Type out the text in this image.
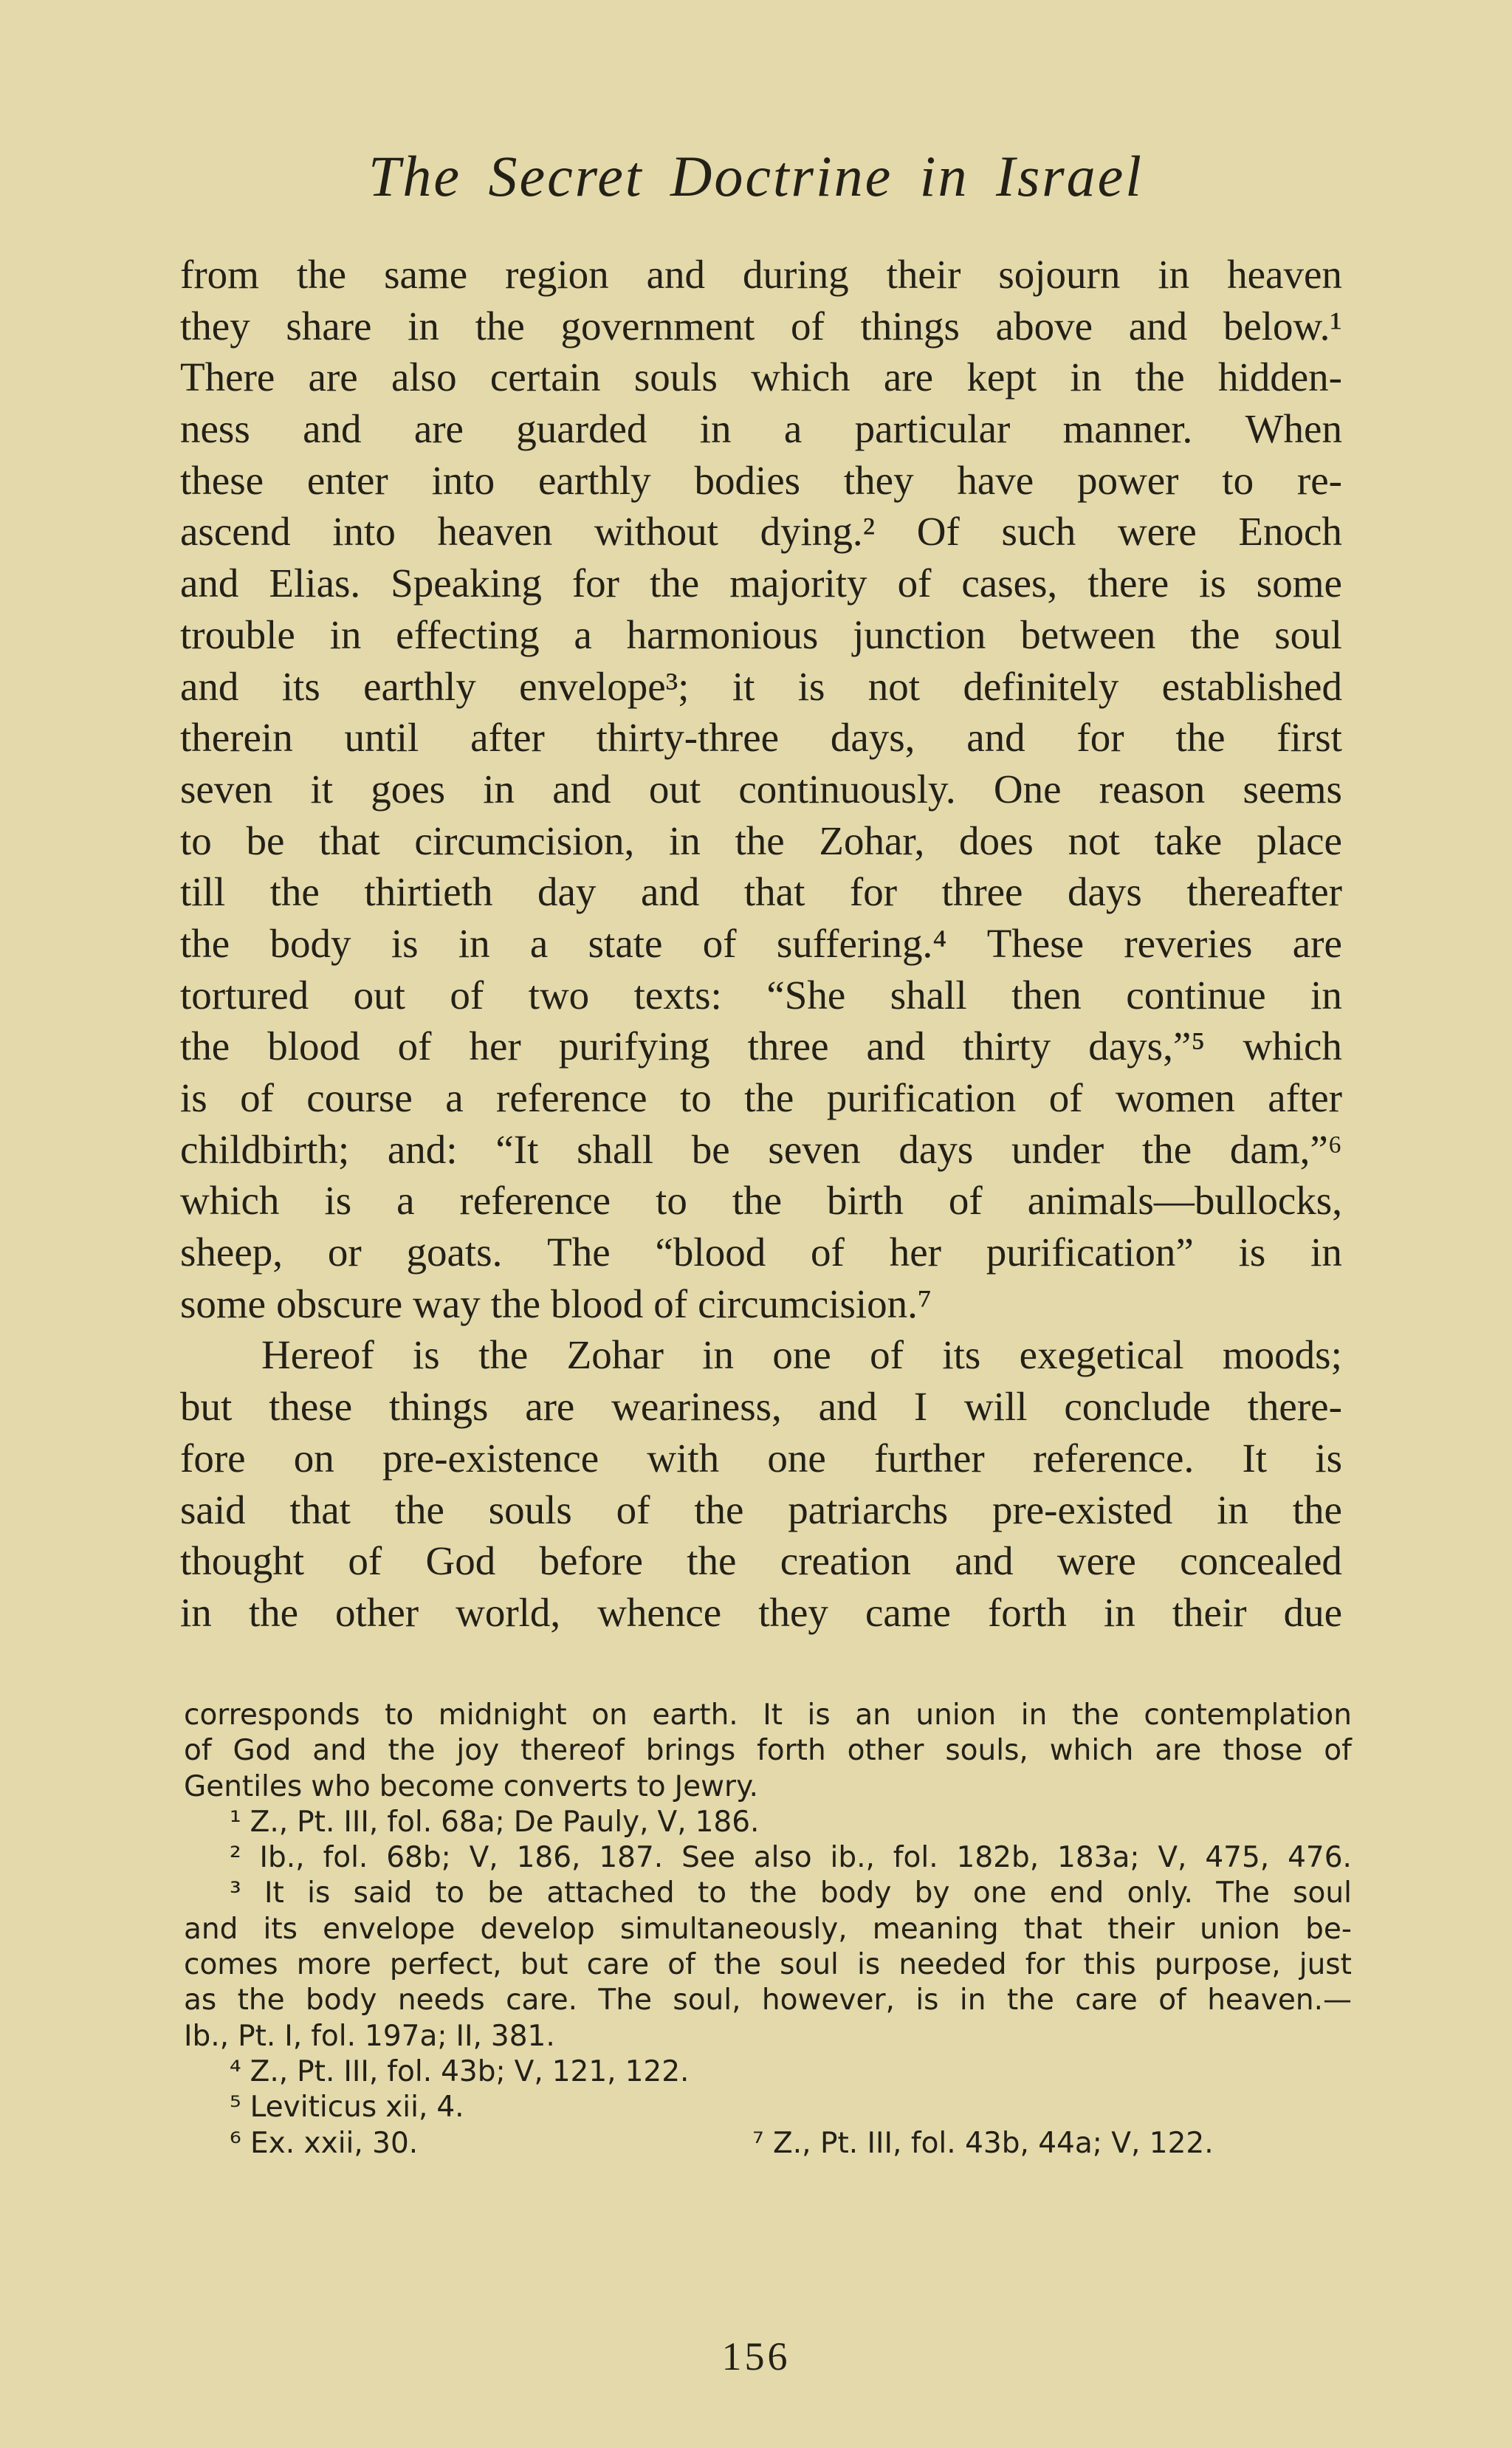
The Secret Doctrine in Israel
from the same region and during their sojourn in heaven
they share in the government of things above and below.¹
There are also certain souls which are kept in the hidden-
ness and are guarded in a particular manner. When
these enter into earthly bodies they have power to re-
ascend into heaven without dying.² Of such were Enoch
and Elias. Speaking for the majority of cases, there is some
trouble in effecting a harmonious junction between the soul
and its earthly envelope³; it is not definitely established
therein until after thirty-three days, and for the first
seven it goes in and out continuously. One reason seems
to be that circumcision, in the Zohar, does not take place
till the thirtieth day and that for three days thereafter
the body is in a state of suffering.⁴ These reveries are
tortured out of two texts: “She shall then continue in
the blood of her purifying three and thirty days,”⁵ which
is of course a reference to the purification of women after
childbirth; and: “It shall be seven days under the dam,”⁶
which is a reference to the birth of animals—bullocks,
sheep, or goats. The “blood of her purification” is in
some obscure way the blood of circumcision.⁷
Hereof is the Zohar in one of its exegetical moods;
but these things are weariness, and I will conclude there-
fore on pre-existence with one further reference. It is
said that the souls of the patriarchs pre-existed in the
thought of God before the creation and were concealed
in the other world, whence they came forth in their due
corresponds to midnight on earth. It is an union in the contemplation
of God and the joy thereof brings forth other souls, which are those of
Gentiles who become converts to Jewry.
¹ Z., Pt. III, fol. 68a; De Pauly, V, 186.
² Ib., fol. 68b; V, 186, 187. See also ib., fol. 182b, 183a; V, 475, 476.
³ It is said to be attached to the body by one end only. The soul
and its envelope develop simultaneously, meaning that their union be-
comes more perfect, but care of the soul is needed for this purpose, just
as the body needs care. The soul, however, is in the care of heaven.—
Ib., Pt. I, fol. 197a; II, 381.
⁴ Z., Pt. III, fol. 43b; V, 121, 122.
⁵ Leviticus xii, 4.
⁶ Ex. xxii, 30.	⁷ Z., Pt. III, fol. 43b, 44a; V, 122.
156
